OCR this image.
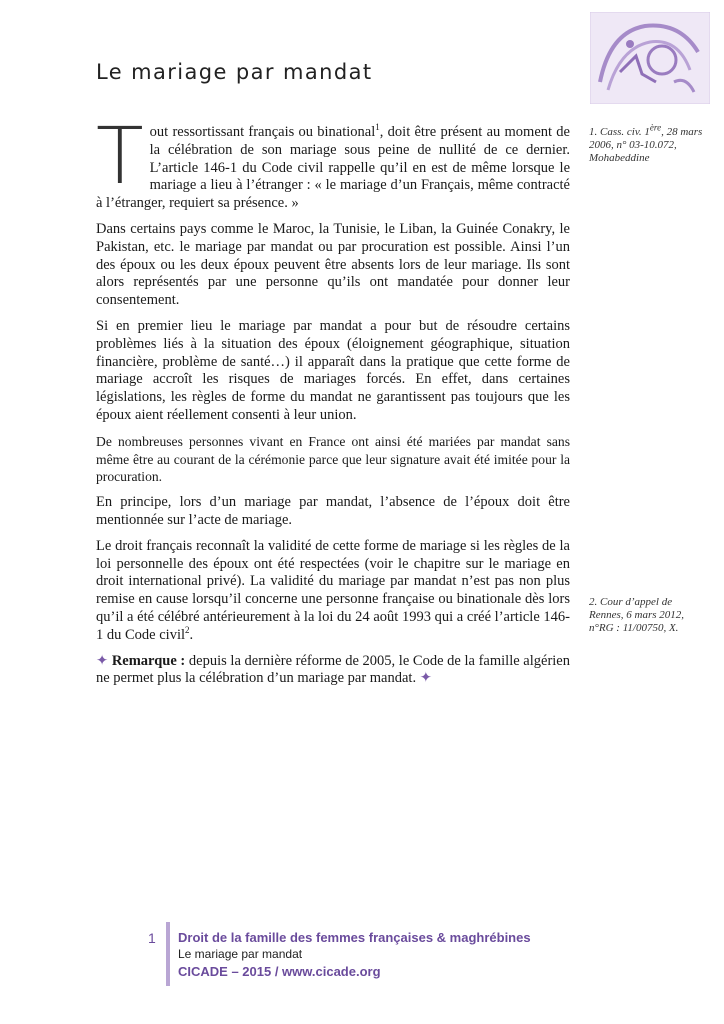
Le mariage par mandat

Tout ressortissant français ou binational$^1$, doit être présent au moment de la célébration de son mariage sous peine de nullité de ce dernier. L’article 146-1 du Code civil rappelle qu’il en est de même lorsque le mariage a lieu à l’étranger : « le mariage d’un Français, même contracté à l’étranger, requiert sa présence. »

Dans certains pays comme le Maroc, la Tunisie, le Liban, la Guinée Conakry, le Pakistan, etc. le mariage par mandat ou par procuration est possible. Ainsi l’un des époux ou les deux époux peuvent être absents lors de leur mariage. Ils sont alors représentés par une personne qu’ils ont mandatée pour donner leur consentement.

Si en premier lieu le mariage par mandat a pour but de résoudre certains problèmes liés à la situation des époux (éloignement géographique, situation financière, problème de santé…) il apparaît dans la pratique que cette forme de mariage accroît les risques de mariages forcés. En effet, dans certaines législations, les règles de forme du mandat ne garantissent pas toujours que les époux aient réellement consenti à leur union.

De nombreuses personnes vivant en France ont ainsi été mariées par mandat sans même être au courant de la cérémonie parce que leur signature avait été imitée pour la procuration.

En principe, lors d’un mariage par mandat, l’absence de l’époux doit être mentionnée sur l’acte de mariage.

Le droit français reconnaît la validité de cette forme de mariage si les règles de la loi personnelle des époux ont été respectées (voir le chapitre sur le mariage en droit international privé). La validité du mariage par mandat n’est pas non plus remise en cause lorsqu’il concerne une personne française ou binationale dès lors qu’il a été célébré antérieurement à la loi du 24 août 1993 qui a créé l’article 146-1 du Code civil$^2$.

✦ Remarque : depuis la dernière réforme de 2005, le Code de la famille algérien ne permet plus la célébration d’un mariage par mandat. ✦

1. Cass. civ. 1ère, 28 mars 2006, n° 03-10.072, Mohabeddine
2. Cour d’appel de Rennes, 6 mars 2012, n°RG : 11/00750, X.
1 Droit de la famille des femmes françaises & maghrébines
Le mariage par mandat
CICADE – 2015 / www.cicade.org
